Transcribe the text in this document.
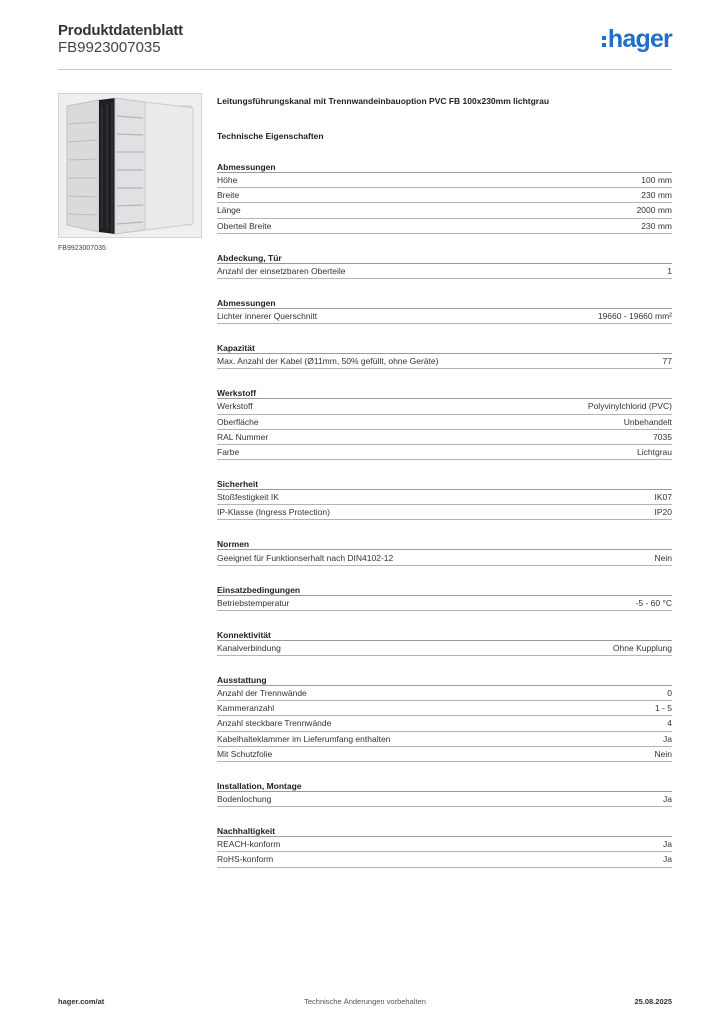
Produktdatenblatt
FB9923007035	hager
FB9923007035
Leitungsführungskanal mit Trennwandeinbauoption PVC FB 100x230mm lichtgrau
Technische Eigenschaften
Abmessungen
Höhe	100 mm
Breite	230 mm
Länge	2000 mm
Oberteil Breite	230 mm
Abdeckung, Tür
Anzahl der einsetzbaren Oberteile	1
Abmessungen
Lichter innerer Querschnitt	19660 - 19660 mm²
Kapazität
Max. Anzahl der Kabel (Ø11mm, 50% gefüllt, ohne Geräte)	77
Werkstoff
Werkstoff	Polyvinylchlorid (PVC)
Oberfläche	Unbehandelt
RAL Nummer	7035
Farbe	Lichtgrau
Sicherheit
Stoßfestigkeit IK	IK07
IP-Klasse (Ingress Protection)	IP20
Normen
Geeignet für Funktionserhalt nach DIN4102-12	Nein
Einsatzbedingungen
Betriebstemperatur	-5 - 60 °C
Konnektivität
Kanalverbindung	Ohne Kupplung
Ausstattung
Anzahl der Trennwände	0
Kammeranzahl	1 - 5
Anzahl steckbare Trennwände	4
Kabelhalteklammer im Lieferumfang enthalten	Ja
Mit Schutzfolie	Nein
Installation, Montage
Bodenlochung	Ja
Nachhaltigkeit
REACH-konform	Ja
RoHS-konform	Ja
hager.com/at	Technische Änderungen vorbehalten	25.08.2025
